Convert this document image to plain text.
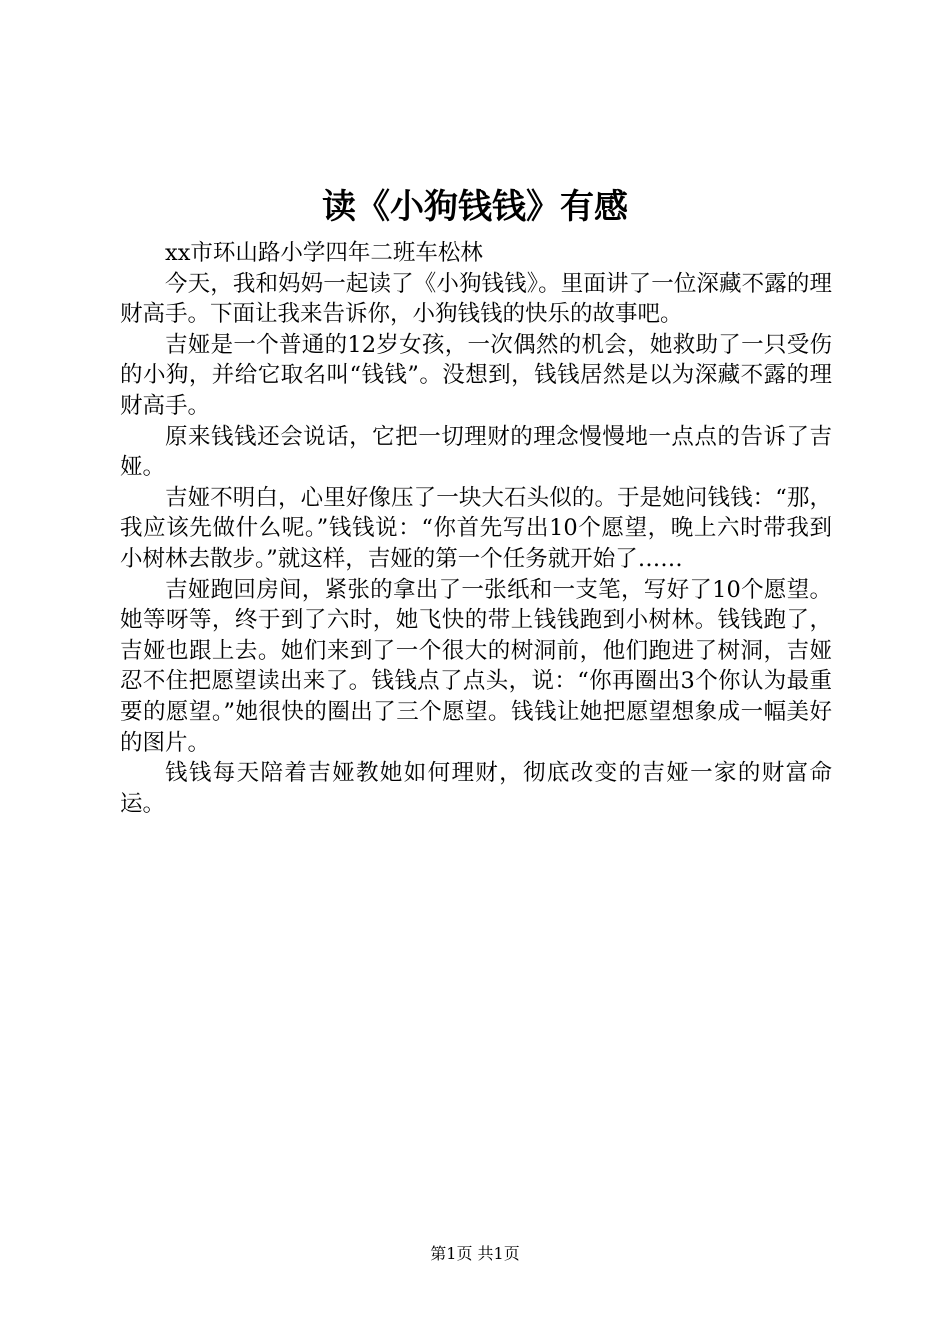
读《小狗钱钱》有感

xx市环山路小学四年二班车松林

今天，我和妈妈一起读了《小狗钱钱》。里面讲了一位深藏不露的理财高手。下面让我来告诉你，小狗钱钱的快乐的故事吧。

吉娅是一个普通的12岁女孩，一次偶然的机会，她救助了一只受伤的小狗，并给它取名叫“钱钱”。没想到，钱钱居然是以为深藏不露的理财高手。

原来钱钱还会说话，它把一切理财的理念慢慢地一点点的告诉了吉娅。

吉娅不明白，心里好像压了一块大石头似的。于是她问钱钱：“那，我应该先做什么呢。”钱钱说：“你首先写出10个愿望，晚上六时带我到小树林去散步。”就这样，吉娅的第一个任务就开始了……

吉娅跑回房间，紧张的拿出了一张纸和一支笔，写好了10个愿望。她等呀等，终于到了六时，她飞快的带上钱钱跑到小树林。钱钱跑了，吉娅也跟上去。她们来到了一个很大的树洞前，他们跑进了树洞，吉娅忍不住把愿望读出来了。钱钱点了点头，说：“你再圈出3个你认为最重要的愿望。”她很快的圈出了三个愿望。钱钱让她把愿望想象成一幅美好的图片。

钱钱每天陪着吉娅教她如何理财，彻底改变的吉娅一家的财富命运。

第1页 共1页
